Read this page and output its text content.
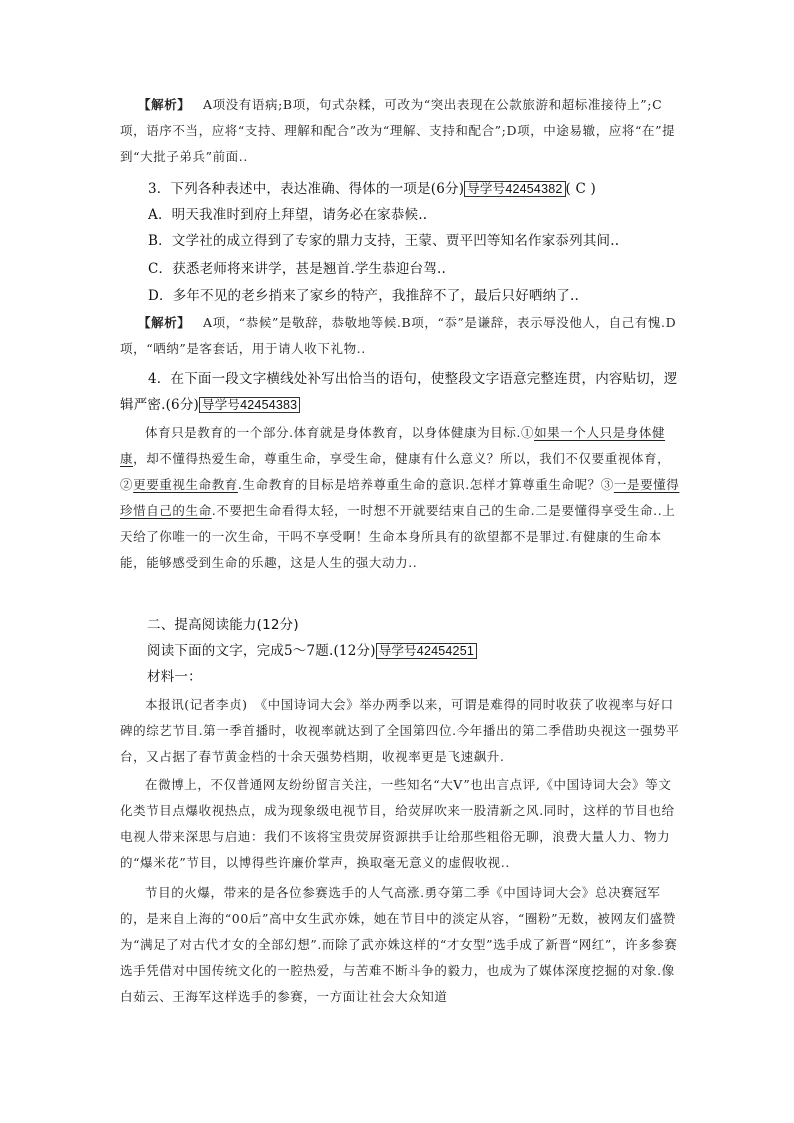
【解析】 A项没有语病;B项，句式杂糅，可改为“突出表现在公款旅游和超标准接待上”;C项，语序不当，应将“支持、理解和配合”改为“理解、支持和配合”;D项，中途易辙，应将“在”提到“大批子弟兵”前面..
3．下列各种表述中，表达准确、得体的一项是(6分) 导学号42454382 ( C )
A．明天我准时到府上拜望，请务必在家恭候..
B．文学社的成立得到了专家的鼎力支持，王蒙、贾平凹等知名作家忝列其间..
C．获悉老师将来讲学，甚是翘首.学生恭迎台驾..
D．多年不见的老乡捎来了家乡的特产，我推辞不了，最后只好哂纳了..
【解析】 A项，“恭候”是敬辞，恭敬地等候.B项，“忝”是谦辞，表示辱没他人，自己有愧.D项，“哂纳”是客套话，用于请人收下礼物..
4．在下面一段文字横线处补写出恰当的语句，使整段文字语意完整连贯，内容贴切，逻辑严密.(6分) 导学号42454383
体育只是教育的一个部分.体育就是身体教育，以身体健康为目标.①如果一个人只是身体健康，却不懂得热爱生命，尊重生命，享受生命，健康有什么意义？所以，我们不仅要重视体育，②更要重视生命教育.生命教育的目标是培养尊重生命的意识.怎样才算尊重生命呢？③一是要懂得珍惜自己的生命.不要把生命看得太轻，一时想不开就要结束自己的生命.二是要懂得享受生命..上天给了你唯一的一次生命，干吗不享受啊！生命本身所具有的欲望都不是罪过.有健康的生命本能，能够感受到生命的乐趣，这是人生的强大动力..
二、提高阅读能力(12分)
阅读下面的文字，完成5～7题.(12分) 导学号42454251
材料一：
本报讯(记者李贞)　《中国诗词大会》举办两季以来，可谓是难得的同时收获了收视率与好口碑的综艺节目.第一季首播时，收视率就达到了全国第四位.今年播出的第二季借助央视这一强势平台，又占据了春节黄金档的十余天强势档期，收视率更是飞速飙升.
在微博上，不仅普通网友纷纷留言关注，一些知名“大V”也出言点评,《中国诗词大会》等文化类节目点爆收视热点，成为现象级电视节目，给荧屏吹来一股清新之风.同时，这样的节目也给电视人带来深思与启迪：我们不该将宝贵荧屏资源拱手让给那些粗俗无聊，浪费大量人力、物力的“爆米花”节目，以博得些许廉价掌声，换取毫无意义的虚假收视..
节目的火爆，带来的是各位参赛选手的人气高涨.勇夺第二季《中国诗词大会》总决赛冠军的，是来自上海的“00后”高中女生武亦姝，她在节目中的淡定从容，“圈粉”无数，被网友们盛赞为“满足了对古代才女的全部幻想”.而除了武亦姝这样的“才女型”选手成了新晋“网红”，许多参赛选手凭借对中国传统文化的一腔热爱，与苦难不断斗争的毅力，也成为了媒体深度挖掘的对象.像白茹云、王海军这样选手的参赛，一方面让社会大众知道
